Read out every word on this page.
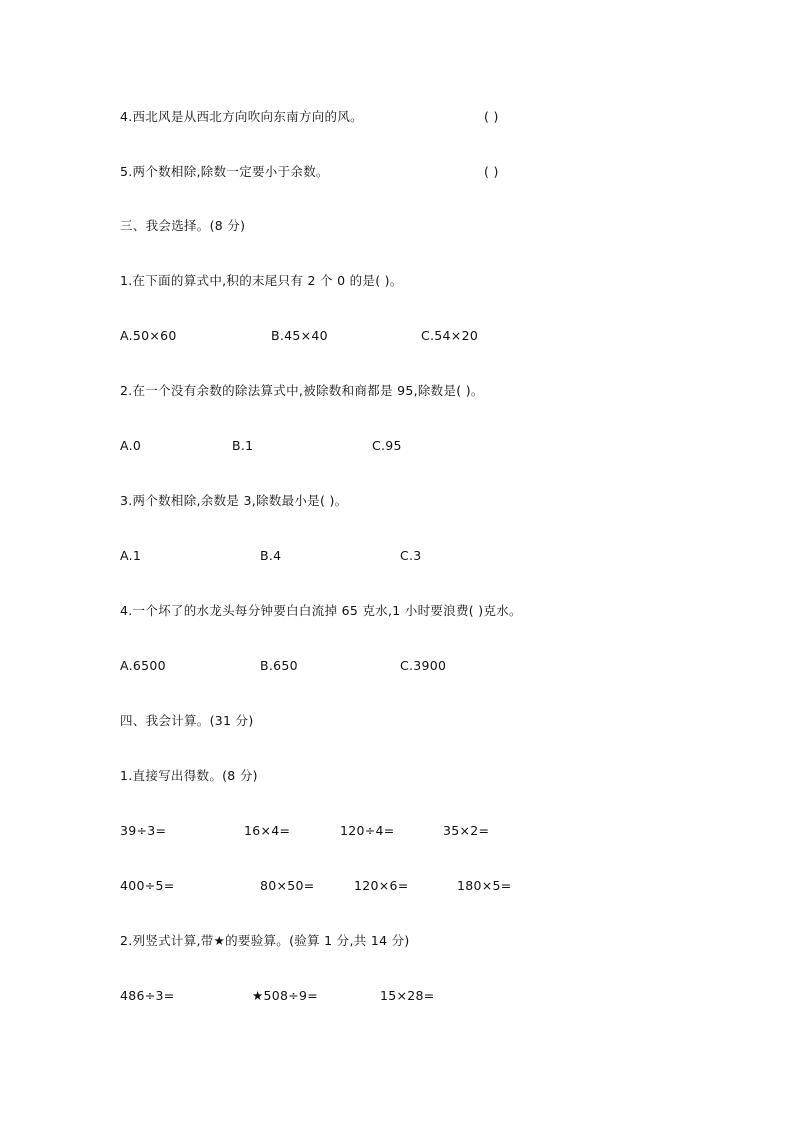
4.西北风是从西北方向吹向东南方向的风。	( )
5.两个数相除,除数一定要小于余数。	( )
三、我会选择。(8 分)
1.在下面的算式中,积的末尾只有 2 个 0 的是( )。
A.50×60	B.45×40	C.54×20
2.在一个没有余数的除法算式中,被除数和商都是 95,除数是( )。
A.0	B.1	C.95
3.两个数相除,余数是 3,除数最小是( )。
A.1	B.4	C.3
4.一个坏了的水龙头每分钟要白白流掉 65 克水,1 小时要浪费( )克水。
A.6500	B.650	C.3900
四、我会计算。(31 分)
1.直接写出得数。(8 分)
39÷3=	16×4=	120÷4=	35×2=
400÷5=	80×50=	120×6=	180×5=
2.列竖式计算,带★的要验算。(验算 1 分,共 14 分)
486÷3=	★508÷9=	15×28=
